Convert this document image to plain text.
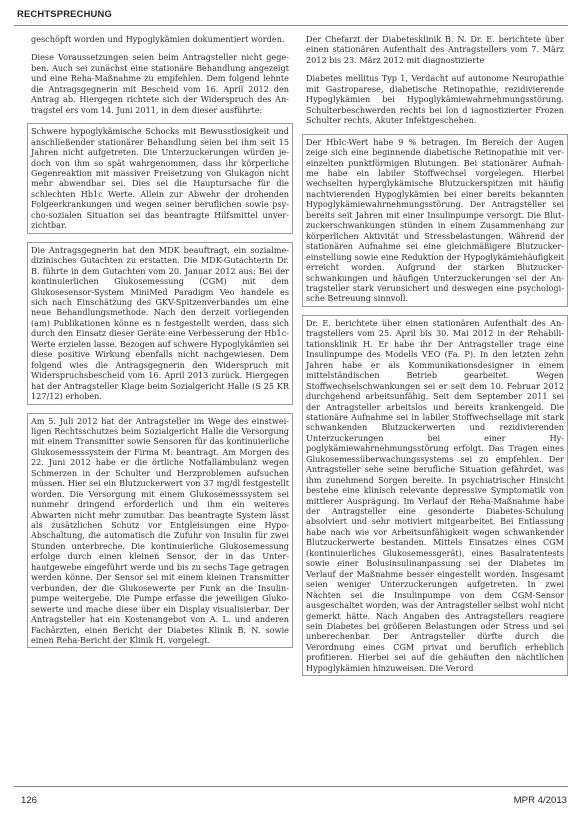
RECHTSPRECHUNG

geschöpft worden und Hypoglykämien dokumentiert worden.

Diese Voraussetzungen seien beim Antragsteller nicht gegeben. Auch sei zunächst eine stationäre Behandlung angezeigt und eine Reha-Maßnahme zu empfehlen. Dem folgend lehnte die Antragsgegnerin mit Bescheid vom 16. April 2012 den Antrag ab. Hiergegen richtete sich der Widerspruch des Antragstel ers vom 14. Juni 2011, in dem dieser ausführte:

Schwere hypoglykämische Schocks mit Bewusstlosigkeit und anschließender stationärer Behandlung seien bei ihm seit 15 Jahren nicht aufgetreten. Die Unterzuckerungen würden jedoch von ihm so spät wahrgenommen, dass ihr körperliche Gegenreaktion mit massiver Freisetzung von Glukagon nicht mehr abwendbar sei. Dies sei die Hauptursache für die schlechten Hb1c Werte. Allein zur Abwehr der drohenden Folgeerkrankungen und wegen seiner beruflichen sowie psycho-sozialen Situation sei das beantragte Hilfsmittel unverzichtbar.

Die Antragsgegnerin hat den MDK beauftragt, ein sozialmedizinisches Gutachten zu erstatten. Die MDK-Gutachterin Dr. B. führte in dem Gutachten vom 20. Januar 2012 aus: Bei der kontinuierlichen Glukosemessung (CGM) mit dem Glukosesensor-System MiniMed Paradigm Veo handele es sich nach Einschätzung des GKV-Spitzenverbandes um eine neue Behandlungsmethode. Nach den derzeit vorliegenden (am) Publikationen könne es n festgestellt werden, dass sich durch den Einsatz dieser Geräte eine Verbesserung der Hb1c-Werte erzielen lasse. Bezogen auf schwere Hypoglykämien sei diese positive Wirkung ebenfalls nicht nachgewiesen. Dem folgend wies die Antragsgegnerin den Widerspruch mit Widerspruchsbescheid vom 16. April 2013 zurück. Hiergegen hat der Antragsteller Klage beim Sozialgericht Halle (S 25 KR 127/12) erhoben.

Am 5. Juli 2012 hat der Antragsteller im Wege des einstweiligen Rechtsschutzes beim Sozialgericht Halle die Versorgung mit einem Transmitter sowie Sensoren für das kontinuierliche Glukosemesssystem der Firma M. beantragt. Am Morgen des 22. Juni 2012 habe er die örtliche Notfallambulanz wegen Schmerzen in der Schulter und Herzproblemen aufsuchen müssen. Hier sei ein Blutzuckerwert von 37 mg/dl festgestellt worden. Die Versorgung mit einem Glukosemesssystem sei nunmehr dringend erforderlich und ihm ein weiteres Abwarten nicht mehr zumutbar. Das beantragte System lässt als zusätzlichen Schutz vor Entgleisungen eine Hypo-Abschaltung, die automatisch die Zufuhr von Insulin für zwei Stunden unterbreche. Die kontinuierliche Glukosemessung erfolge durch einen kleinen Sensor, der in das Unterhautgewebe eingeführt werde und bis zu sechs Tage getragen werden könne. Der Sensor sei mit einem kleinen Transmitter verbunden, der die Glukosewerte per Funk an die Insulinpumpe weitergebe. Die Pumpe erfasse die jeweiligen Glukosewerte und mache diese über ein Display visualisierbar. Der Antragsteller hat ein Kostenangebot von A. L. und anderen Fachärzten, einen Bericht der Diabetes Klinik B. N. sowie einen Reha-Bericht der Klinik H. vorgelegt.

Der Chefarzt der Diabetesklinik B. N. Dr. E. berichtete über einen stationären Aufenthalt des Antragstellers vom 7. März 2012 bis 23. März 2012 mit diagnostizierte

Diabetes mellitus Typ 1, Verdacht auf autonome Neuropathie mit Gastroparese, diabetische Retinopathie, rezidivierende Hypoglykämien bei Hypoglykämiewahrnehmungsstörung. Schulterbeschwerden rechts bei lon d iagnostizierter Frozen Schulter rechts, Akuter Infektgeschehen.

Der HbIc-Wert habe 9 % betragen. Im Bereich der Augen zeige sich eine beginnende diabetische Retinopathie mit vereinzelten punktförmigen Blutungen. Bei stationärer Aufnahme habe ein labiler Stoffwechsel vorgelegen. Hierbei wechselten hyperglykämische Blutzuckerspitzen mit häufig nachtvierenden Hypoglykämien bei einer bereits bekannten Hypoglykämiewahrnehmungsstörung. Der Antragsteller sei bereits seit Jahren mit einer Insulinpumpe versorgt. Die Blutzuckerschwankungen stünden in einem Zusammenhang zur körperlichen Aktivität und Stressbelastungen. Während der stationären Aufnahme sei eine gleichmäßigere Blutzuckereinstellung sowie eine Reduktion der Hypoglykämiehäufigkeit erreicht worden. Aufgrund der starken Blutzuckerschwankungen und häufigen Unterzuckerungen sei der Antragsteller stark verunsichert und deswegen eine psychologische Betreuung sinnvoll.

Dr. E. berichtete über einen stationären Aufenthalt des Antragstellers vom 25. April bis 30. Mai 2012 in der Rehabilitationsklinik H. Er habe ihr Der Antragsteller trage eine Insulinpumpe des Modells VEO (Fa. P). In den letzten zehn Jahren habe er als Kommunikationsdesigner in einem mittelständischen Betrieb gearbeitet. Wegen Stoffwechselschwankungen sei er seit dem 10. Februar 2012 durchgehend arbeitsunfähig. Seit dem September 2011 sei der Antragsteller arbeitslos und bereits krankengeld. Die stationäre Aufnahme sei in labiler Stoffwechsellage mit stark schwankenden Blutzuckerwerten und rezidivierenden Unterzuckerungen bei einer Hypoglykämiewahrnehmungsstörung erfolgt. Das Tragen eines Glukosemessüberwachungssystems sei zu empfehlen. Der Antragsteller sehe seine berufliche Situation gefährdet, was ihm zunehmend Sorgen bereite. In psychiatrischer Hinsicht bestehe eine klinisch relevante depressive Symptomatik von mittlerer Ausprägung. Im Verlauf der Reha-Maßnahme habe der Antragsteller eine gesonderte Diabetes-Schulung absolviert und sehr motiviert mitgearbeitet. Bei Entlassung habe nach wie vor Arbeitsunfähigkeit wegen schwankender Blutzuckerwerte bestanden. Mittels Einsatzes eines CGM (kontinuierliches Glukosemessgerät), eines Basalratentests sowie einer Bolusinsulinanpassung sei der Diabetes im Verlauf der Maßnahme besser eingestellt worden. Insgesamt seien weniger Unterzuckerungen aufgetreten. In zwei Nächten sei die Insulinpumpe von dem CGM-Sensor ausgeschaltet worden, was der Antragsteller selbst wohl nicht gemerkt hätte. Nach Angaben des Antragstellers reagiere sein Diabetes bei größeren Belastungen oder Stress und sei unberechenbar. Der Antragsteller dürfte durch die Verordnung eines CGM privat und beruflich erheblich profitieren. Hierbei sei auf die gehäuften den nächtlichen Hypoglykämien hinzuweisen. Die Verord

126	MPR 4/2013
